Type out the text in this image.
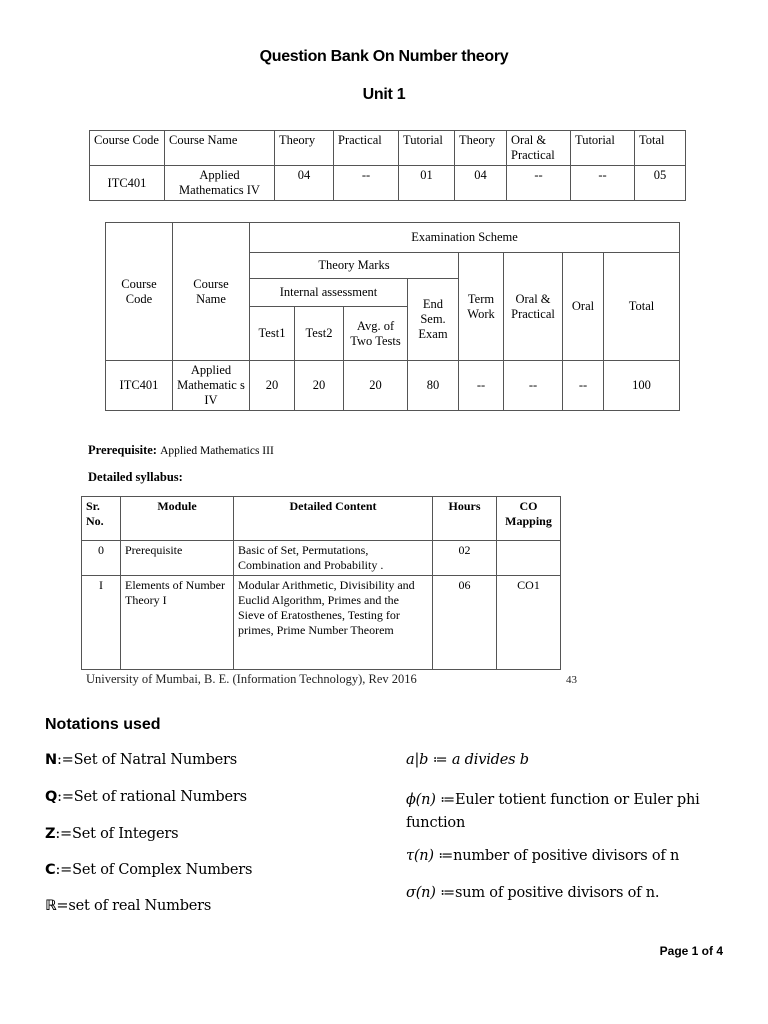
Question Bank On Number theory
Unit 1
Course Code	Course Name	Theory	Practical	Tutorial	Theory	Oral & Practical	Tutorial	Total
ITC401	Applied Mathematics IV	04	--	01	04	--	--	05
Course Code	Course Name	Examination Scheme							
		Theory Marks				Term Work	Oral & Practical	Oral	Total
		Internal assessment			End Sem. Exam				
		Test1	Test2	Avg. of Two Tests					
ITC401	Applied Mathematic s IV	20	20	20	80	--	--	--	100
Prerequisite: Applied Mathematics III
Detailed syllabus:
Sr. No.	Module	Detailed Content	Hours	CO Mapping
0	Prerequisite	Basic of Set, Permutations, Combination and Probability .	02	
I	Elements of Number Theory I	Modular Arithmetic, Divisibility and Euclid Algorithm, Primes and the Sieve of Eratosthenes, Testing for primes, Prime Number Theorem	06	CO1
University of Mumbai, B. E. (Information Technology), Rev 2016	43
Notations used
N:=Set of Natral Numbers
Q:=Set of rational Numbers
Z:=Set of Integers
C:=Set of Complex Numbers
ℝ=set of real Numbers
a|b ≔ a divides b
ϕ(n) ≔Euler totient function or Euler phi function
τ(n) ≔number of positive divisors of n
σ(n) ≔sum of positive divisors of n.
Page 1 of 4
